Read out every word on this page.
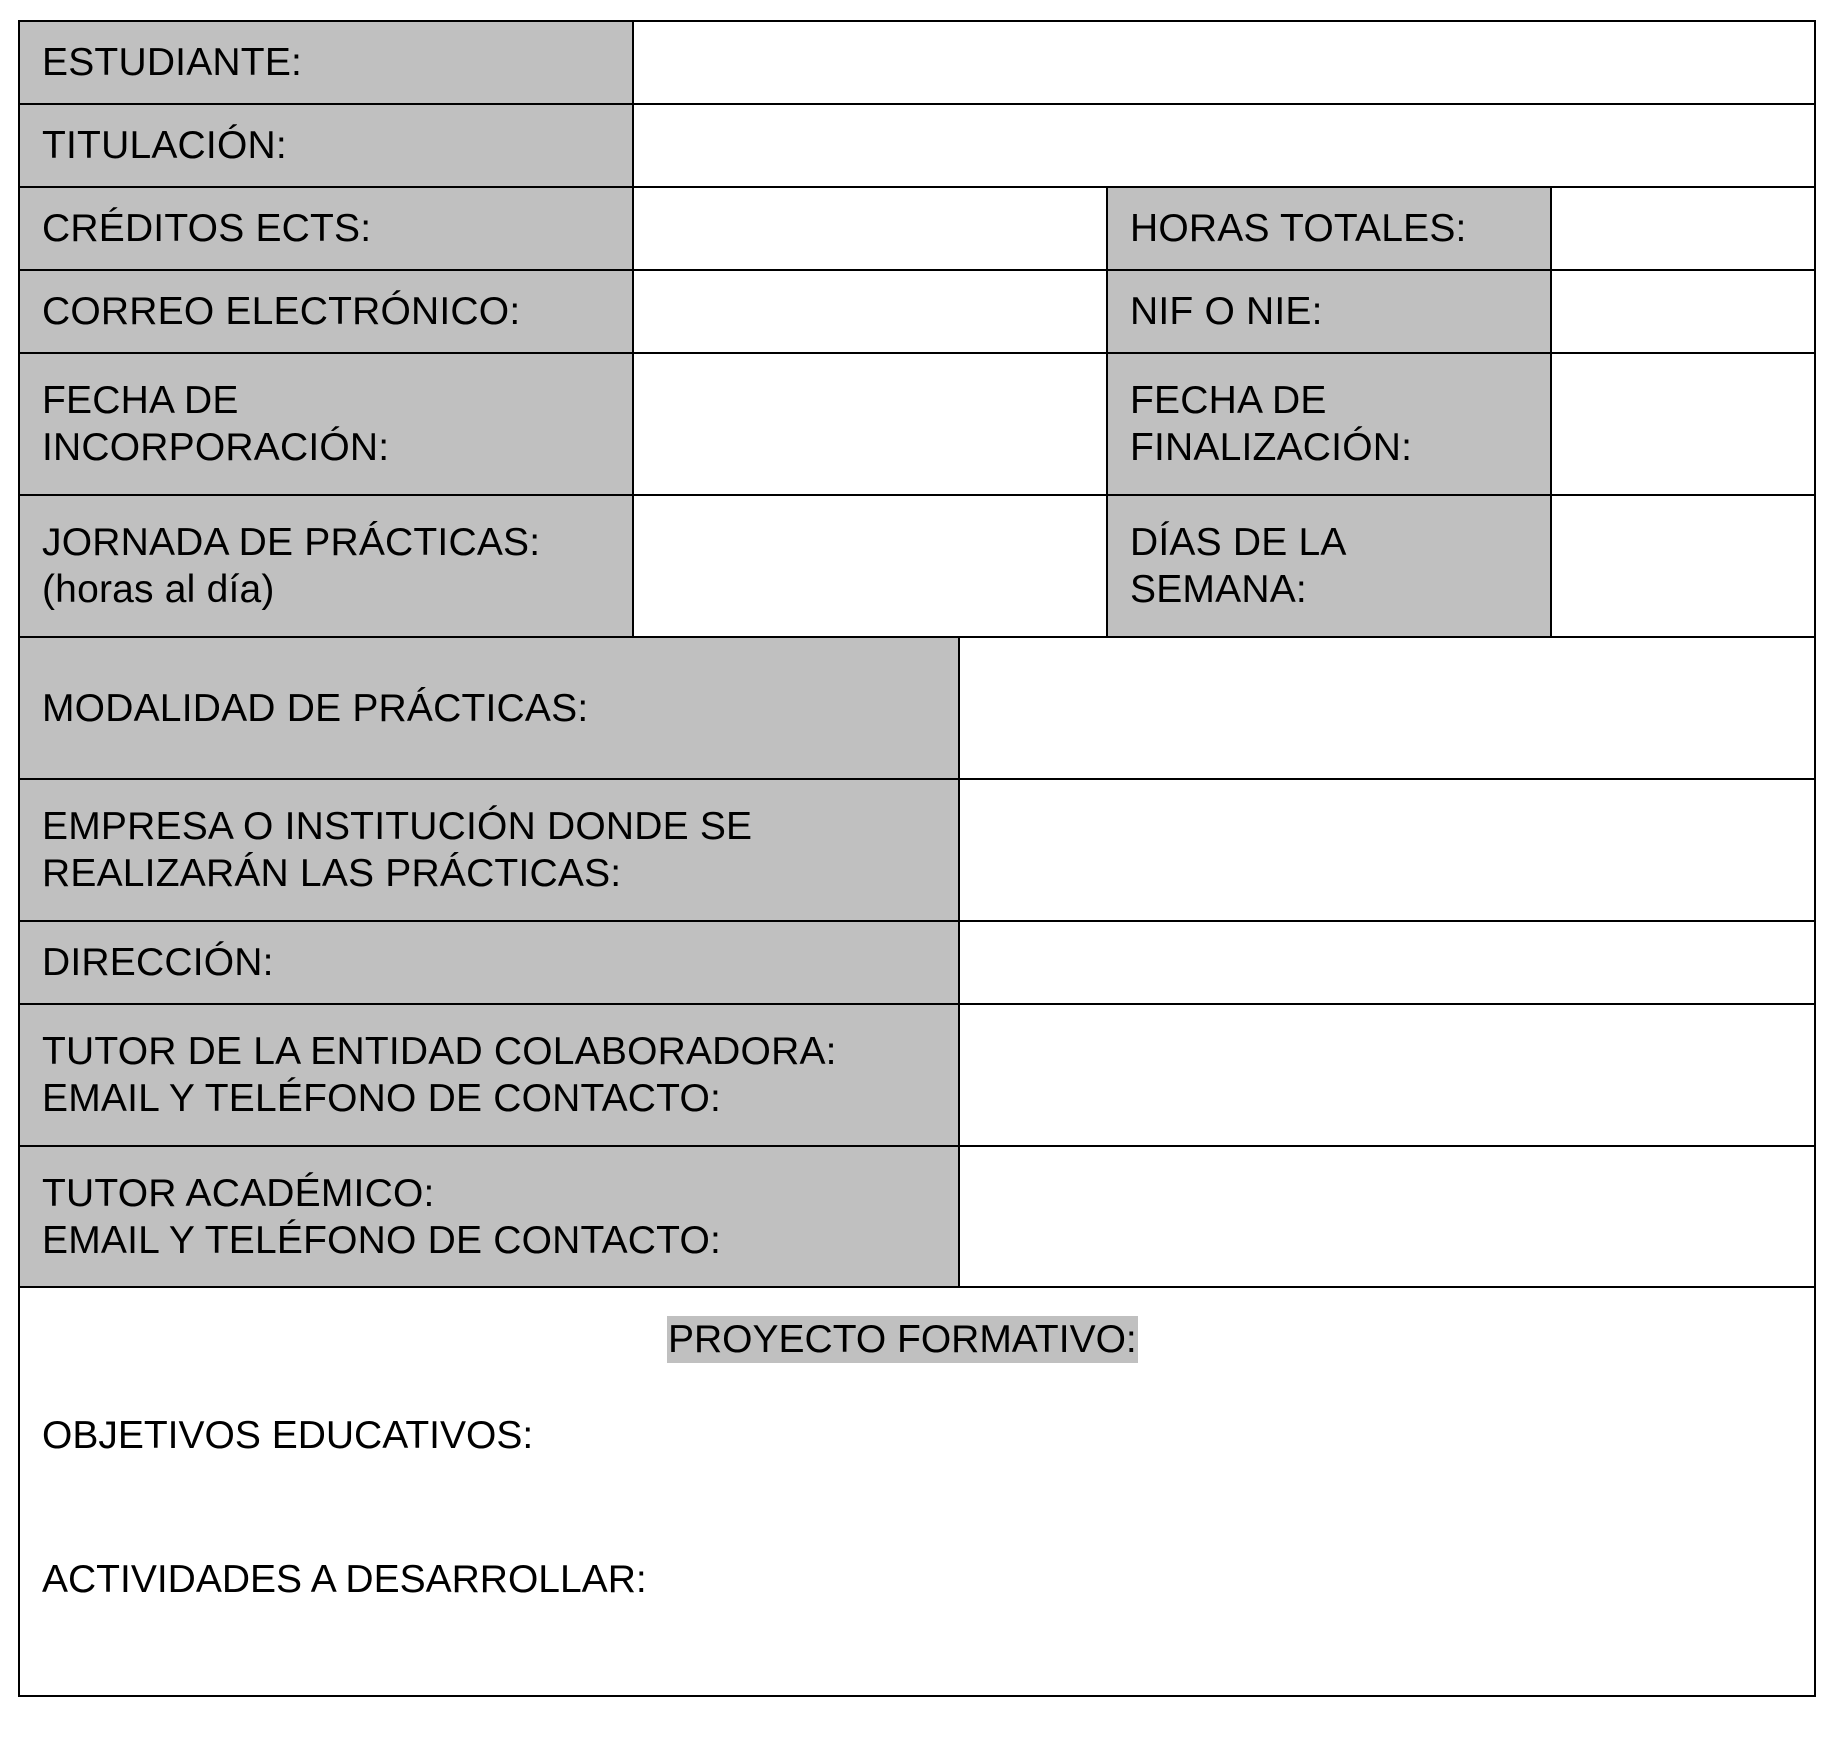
ESTUDIANTE:
TITULACIÓN:
CRÉDITOS ECTS:	HORAS TOTALES:
CORREO ELECTRÓNICO:	NIF O NIE:
FECHA DE
INCORPORACIÓN:
FECHA DE
FINALIZACIÓN:
JORNADA DE PRÁCTICAS:
(horas al día)
DÍAS DE LA
SEMANA:
MODALIDAD DE PRÁCTICAS:
EMPRESA O INSTITUCIÓN DONDE SE
REALIZARÁN LAS PRÁCTICAS:
DIRECCIÓN:
TUTOR DE LA ENTIDAD COLABORADORA:
EMAIL Y TELÉFONO DE CONTACTO:
TUTOR ACADÉMICO:
EMAIL Y TELÉFONO DE CONTACTO:
PROYECTO FORMATIVO:
OBJETIVOS EDUCATIVOS:
ACTIVIDADES A DESARROLLAR:
